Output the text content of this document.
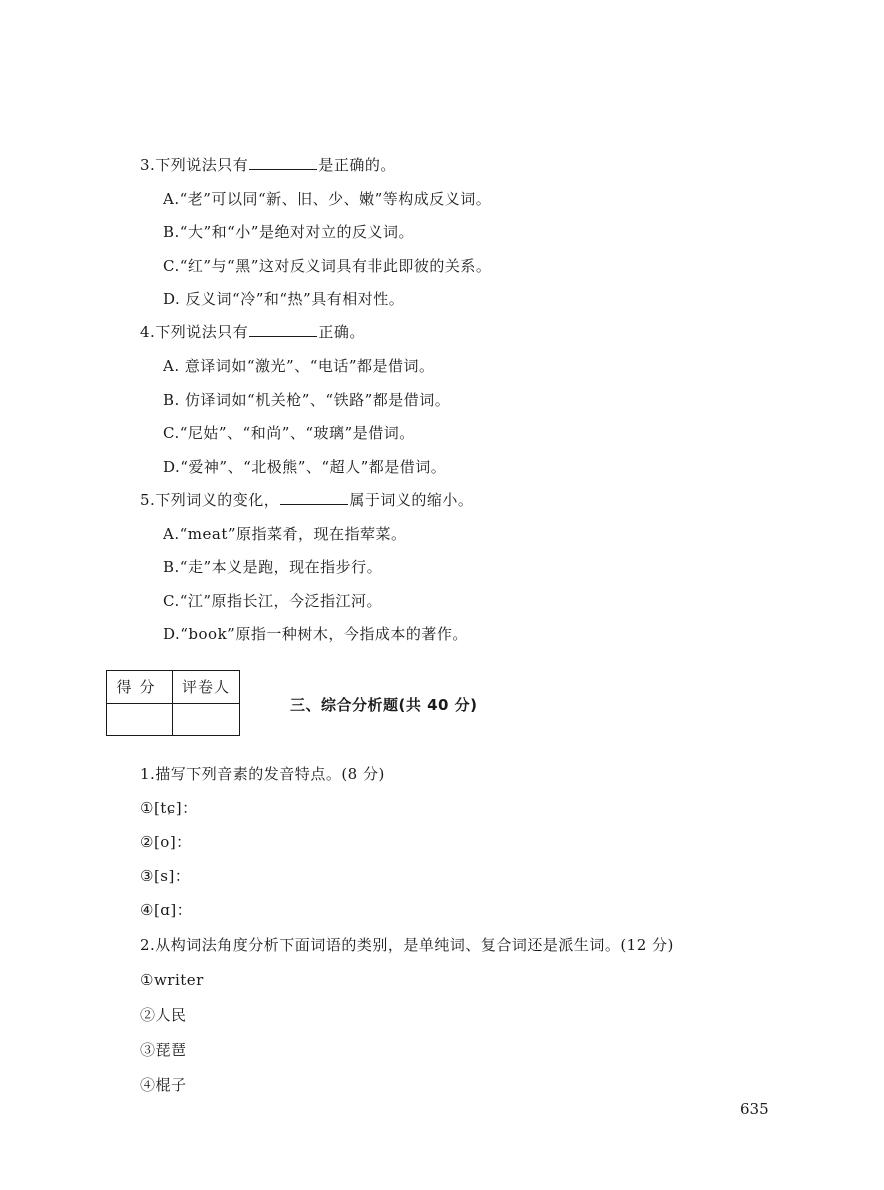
3.下列说法只有	是正确的。
A.“老”可以同“新、旧、少、嫩”等构成反义词。
B.“大”和“小”是绝对对立的反义词。
C.“红”与“黑”这对反义词具有非此即彼的关系。
D. 反义词“冷”和“热”具有相对性。
4.下列说法只有	正确。
A. 意译词如“激光”、“电话”都是借词。
B. 仿译词如“机关枪”、“铁路”都是借词。
C.“尼姑”、“和尚”、“玻璃”是借词。
D.“爱神”、“北极熊”、“超人”都是借词。
5.下列词义的变化，	属于词义的缩小。
A.“meat”原指菜肴，现在指荤菜。
B.“走”本义是跑，现在指步行。
C.“江”原指长江，今泛指江河。
D.“book”原指一种树木，今指成本的著作。
得分	评卷人
三、综合分析题(共 40 分)
1.描写下列音素的发音特点。(8 分)
①[tɕ]：
②[o]：
③[s]：
④[ɑ]：
2.从构词法角度分析下面词语的类别，是单纯词、复合词还是派生词。(12 分)
①writer
②人民
③琵琶
④棍子
635
